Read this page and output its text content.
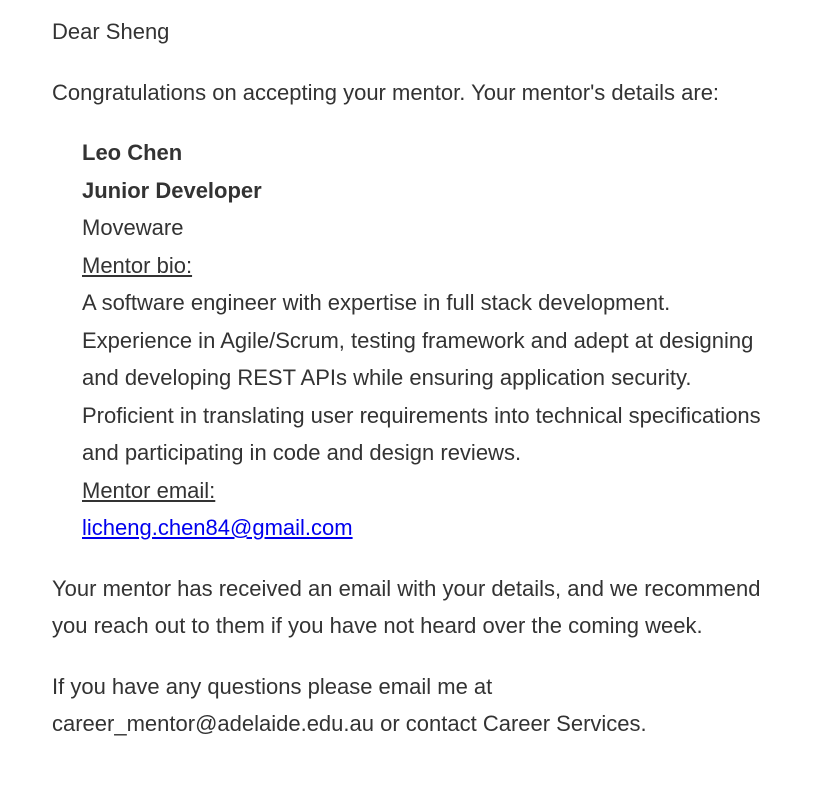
Dear Sheng
Congratulations on accepting your mentor. Your mentor's details are:
Leo Chen
Junior Developer
Moveware
Mentor bio:
A software engineer with expertise in full stack development. Experience in Agile/Scrum, testing framework and adept at designing and developing REST APIs while ensuring application security. Proficient in translating user requirements into technical specifications and participating in code and design reviews.
Mentor email:
licheng.chen84@gmail.com
Your mentor has received an email with your details, and we recommend you reach out to them if you have not heard over the coming week.
If you have any questions please email me at career_mentor@adelaide.edu.au or contact Career Services.
